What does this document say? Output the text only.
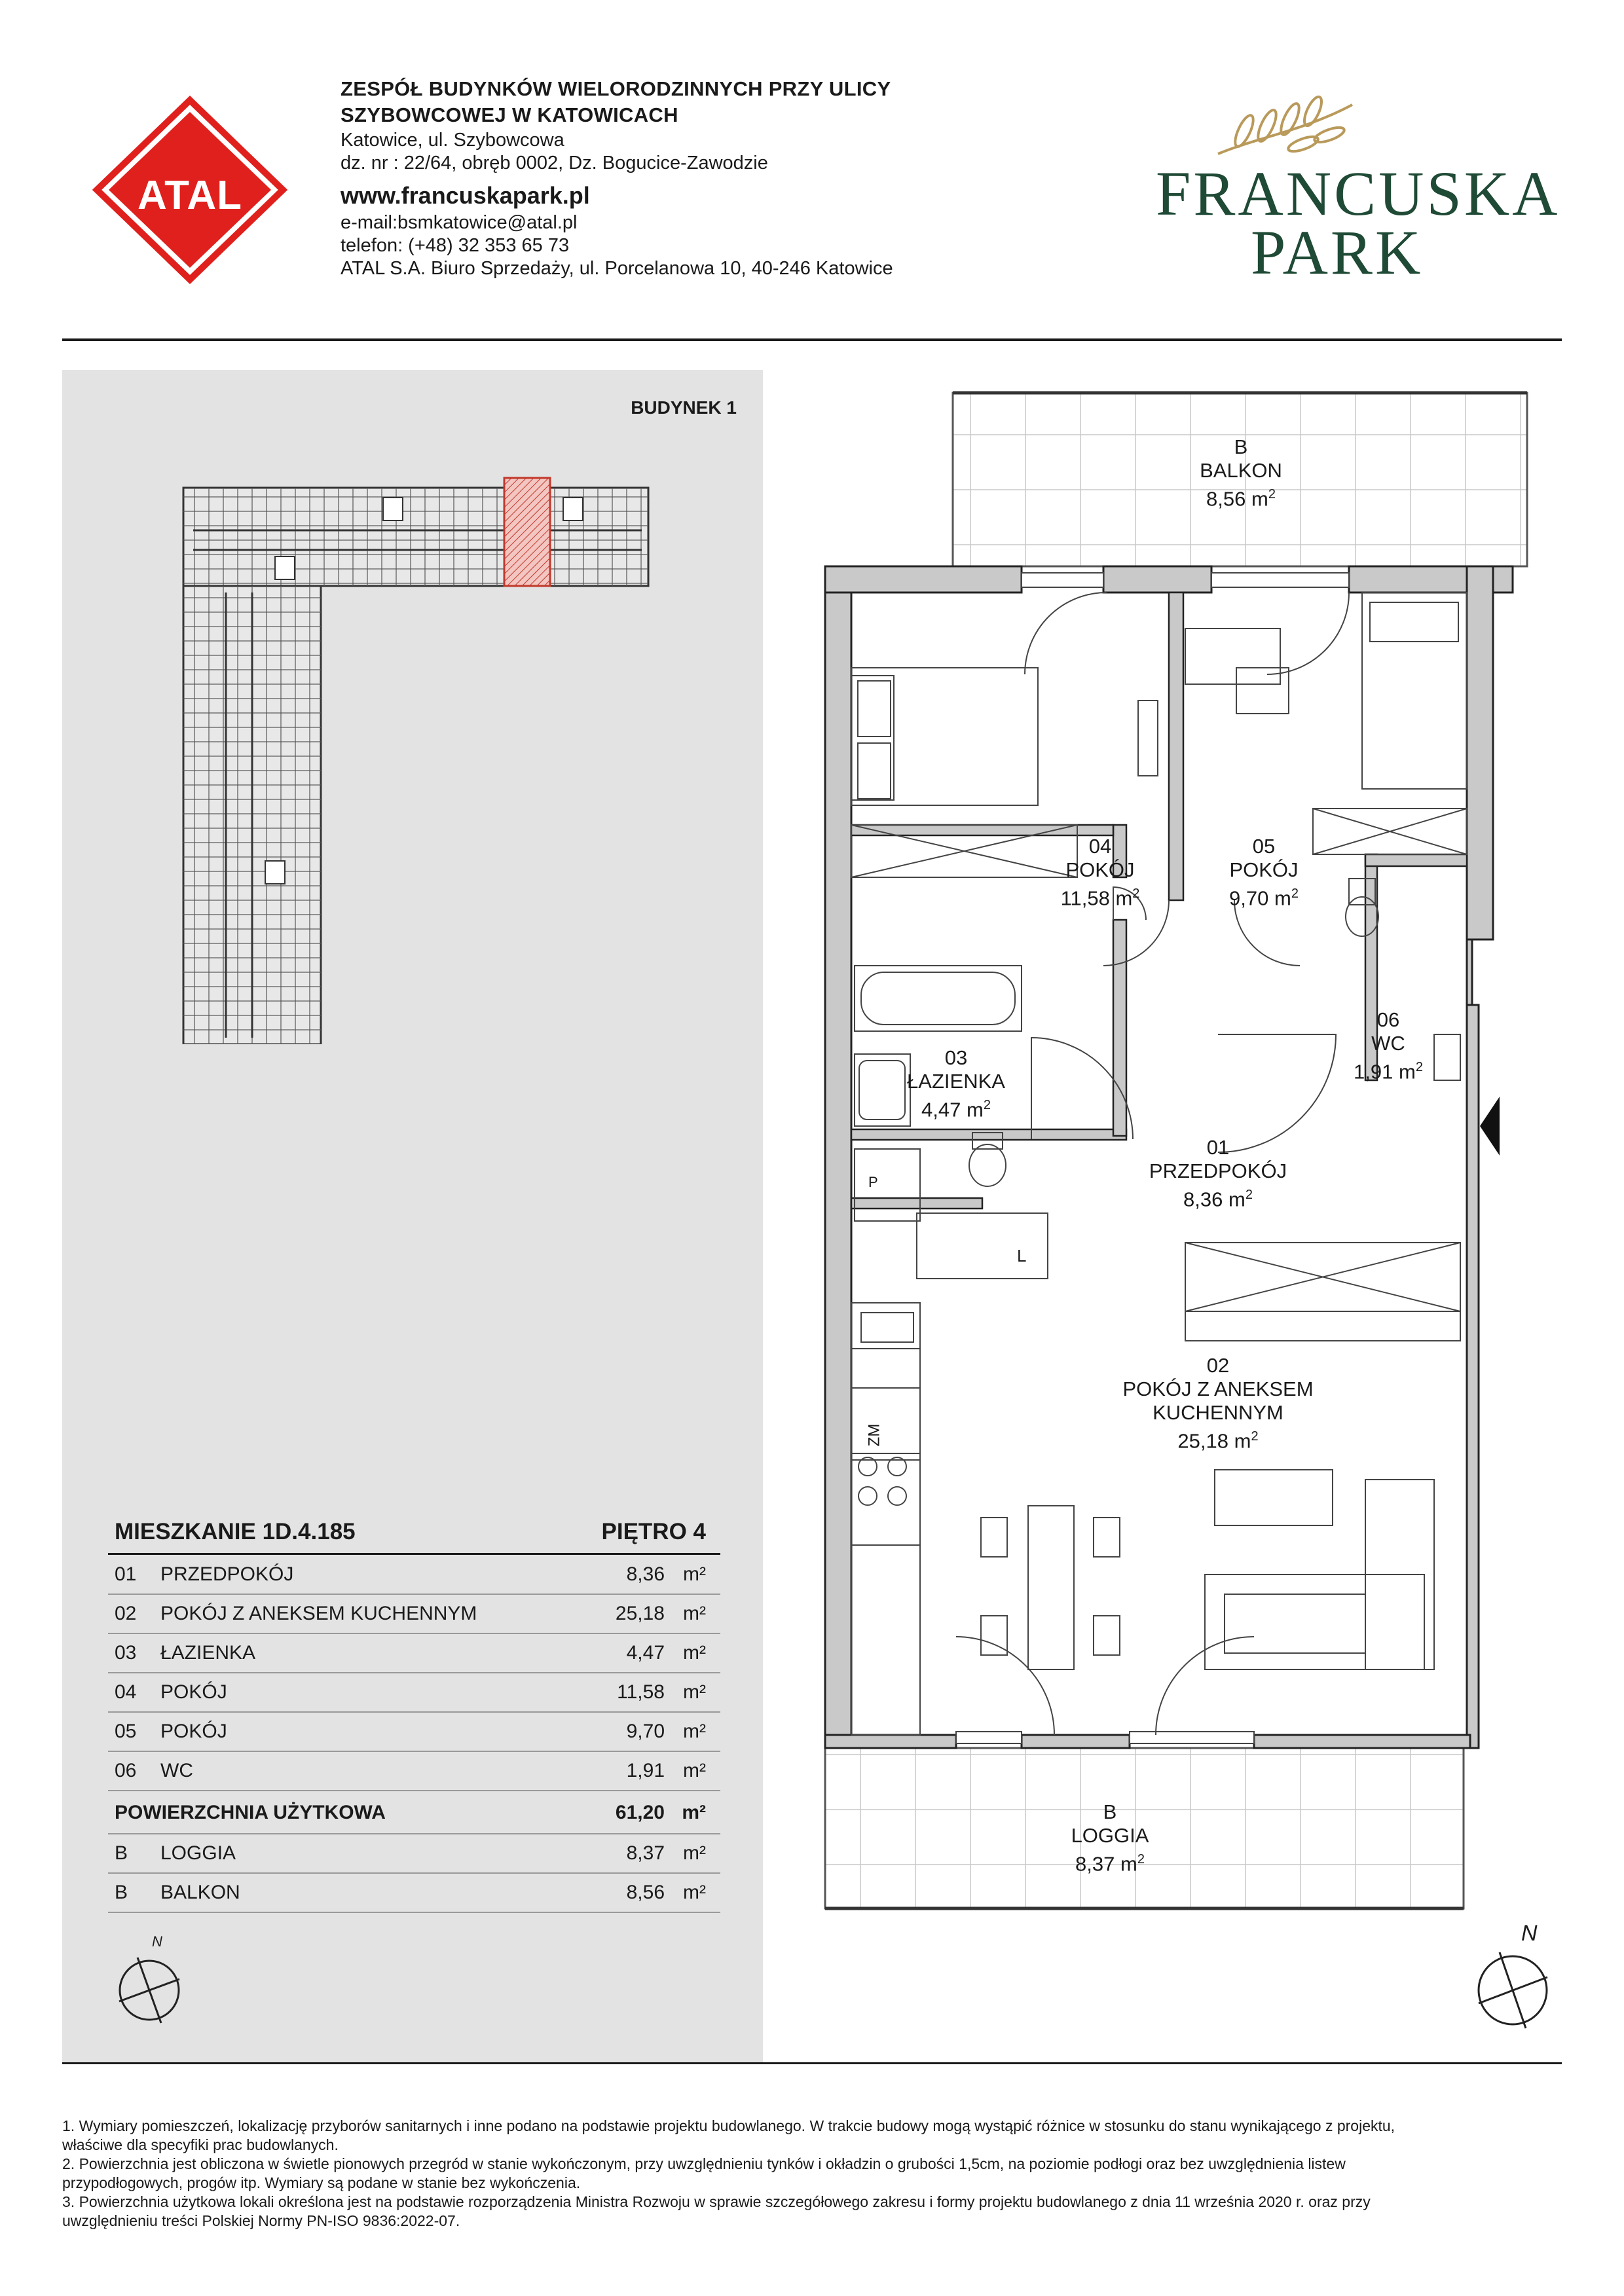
ATAL
ZESPÓŁ BUDYNKÓW WIELORODZINNYCH PRZY ULICY
SZYBOWCOWEJ W KATOWICACH
Katowice, ul. Szybowcowa
dz. nr : 22/64, obręb 0002, Dz. Bogucice-Zawodzie
www.francuskapark.pl
e-mail:bsmkatowice@atal.pl
telefon: (+48) 32 353 65 73
ATAL S.A. Biuro Sprzedaży, ul. Porcelanowa 10, 40-246 Katowice
FRANCUSKA
PARK
BUDYNEK 1
MIESZKANIE 1D.4.185	PIĘTRO 4
01 PRZEDPOKÓJ	8,36 m²
02 POKÓJ Z ANEKSEM KUCHENNYM	25,18 m²
03 ŁAZIENKA	4,47 m²
04 POKÓJ	11,58 m²
05 POKÓJ	9,70 m²
06 WC	1,91 m²
POWIERZCHNIA UŻYTKOWA	61,20 m²
B LOGGIA	8,37 m²
B BALKON	8,56 m²
N
B
BALKON
8,56 $m^2$
04
POKÓJ
11,58 $m^2$
05
POKÓJ
9,70 $m^2$
06
WC
1,91 $m^2$
03
ŁAZIENKA
4,47 $m^2$
01
PRZEDPOKÓJ
8,36 $m^2$
02
POKÓJ Z ANEKSEM
KUCHENNYM
25,18 $m^2$
B
LOGGIA
8,37 $m^2$
L
ZM
P
N
1. Wymiary pomieszczeń, lokalizację przyborów sanitarnych i inne podano na podstawie projektu budowlanego. W trakcie budowy mogą wystąpić różnice w stosunku do stanu wynikającego z projektu,
właściwe dla specyfiki prac budowlanych.
2. Powierzchnia jest obliczona w świetle pionowych przegród w stanie wykończonym, przy uwzględnieniu tynków i okładzin o grubości 1,5cm, na poziomie podłogi oraz bez uwzględnienia listew
przypodłogowych, progów itp. Wymiary są podane w stanie bez wykończenia.
3. Powierzchnia użytkowa lokali określona jest na podstawie rozporządzenia Ministra Rozwoju w sprawie szczegółowego zakresu i formy projektu budowlanego z dnia 11 września 2020 r. oraz przy
uwzględnieniu treści Polskiej Normy PN-ISO 9836:2022-07.
